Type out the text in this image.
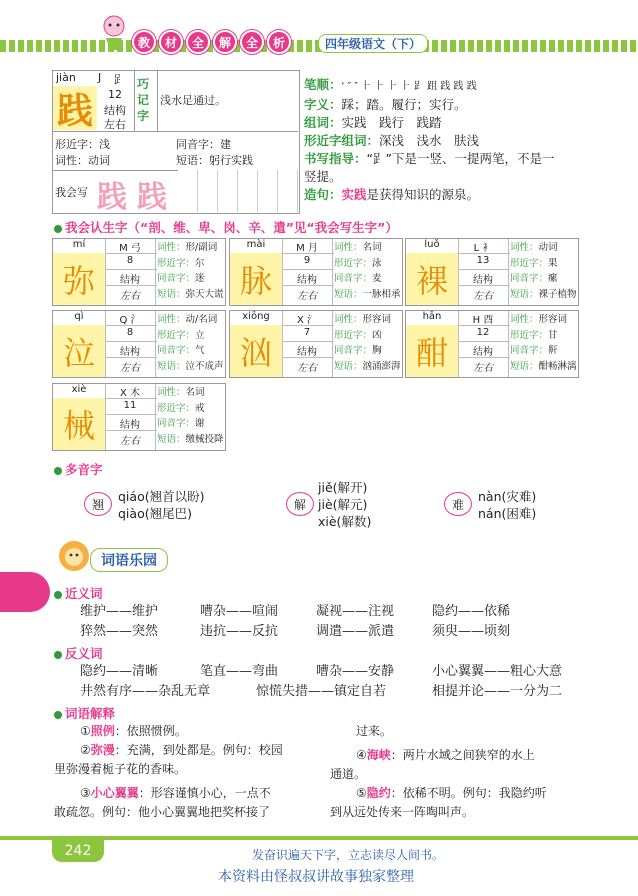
教	材	全	解	全	析	四年级语文（下）
jiàn J 𧾷
践	12
结构
左右
巧记字
浅水足通过。
形近字：浅	同音字：建
词性：动词	短语：躬行实践
我会写 践 践
笔顺：' ″ ″ ⺊ ⺊ ⺊ ⺊ 𧾷 跙 践 践 践
字义：踩；踏。履行；实行。
组词：实践　践行　践踏
形近字组词：深浅　浅水　肤浅
书写指导：“𧾷”下是一竖、一提两笔，不是一
竖提。
造句：实践是获得知识的源泉。
我会认生字（“剖、维、卑、岗、辛、遣”见“我会写生字”）
mí	M 弓
弥
8
结构
左右
词性：形/副词
形近字：尔
同音字：迷
短语：弥天大谎
mài	M 月
脉
9
结构
左右
词性：名词
形近字：泳
同音字：麦
短语：一脉相承
luǒ	L 衤
裸
13
结构
左右
词性：动词
形近字：果
同音字：瘰
短语：裸子植物
qì	Q 氵
泣
8
结构
左右
词性：动/名词
形近字：立
同音字：气
短语：泣不成声
xiōng	X 氵
汹
7
结构
左右
词性：形容词
形近字：凶
同音字：胸
短语：汹涌澎湃
hān	H 酉
酣
12
结构
左右
词性：形容词
形近字：甘
同音字：鼾
短语：酣畅淋漓
xiè	X 木
械
11
结构
左右
词性：名词
形近字：戒
同音字：谢
短语：缴械投降
多音字
翘
qiáo(翘首以盼)
qiào(翘尾巴)
解
jiě(解开)
jiè(解元)
xiè(解数)
难
nàn(灾难)
nán(困难)
词语乐园
近义词
维护——维护	嘈杂——喧闹	凝视——注视	隐约——依稀
猝然——突然	违抗——反抗	调遣——派遣	须臾——顷刻
反义词
隐约——清晰	笔直——弯曲	嘈杂——安静	小心翼翼——粗心大意
井然有序——杂乱无章	惊慌失措——镇定自若	相提并论——一分为二
词语解释
①照例：依照惯例。
②弥漫：充满，到处都是。例句：校园
里弥漫着栀子花的香味。
③小心翼翼：形容谨慎小心，一点不
敢疏忽。例句：他小心翼翼地把奖杯接了
过来。
④海峡：两片水域之间狭窄的水上
通道。
⑤隐约：依稀不明。例句：我隐约听
到从远处传来一阵啕叫声。
242	发奋识遍天下字，立志读尽人间书。
本资料由怪叔叔讲故事独家整理
